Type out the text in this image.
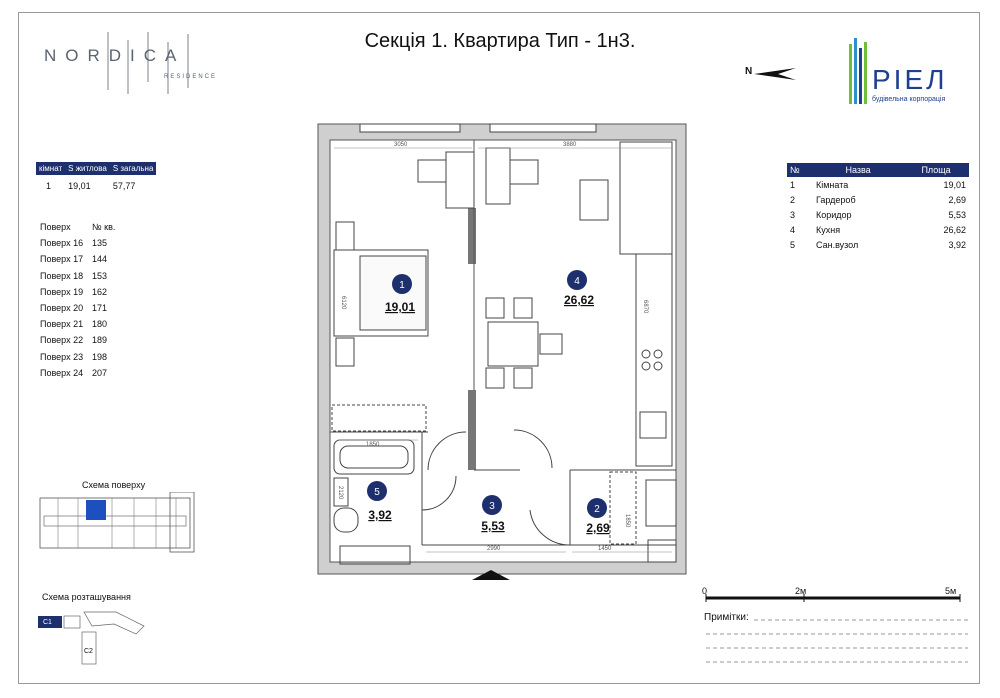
NORDICA
RESIDENCE
Секція 1. Квартира Тип - 1н3.
N	РІЕЛ
будівельна корпорація
кімнат	S житлова	S загальна
1	19,01	57,77
Поверх	№ кв.
Поверх 16 135
Поверх 17 144
Поверх 18 153
Поверх 19 162
Поверх 20 171
Поверх 21 180
Поверх 22 189
Поверх 23 198
Поверх 24 207
№	Назва	Площа
1	Кімната	19,01
2	Гардероб	2,69
3	Коридор	5,53
4	Кухня	26,62
5	Сан.вузол	3,92
1	4
5
3	2
19,01	26,62
3,92
5,53	2,69
3050	3880
6120	6870
1850
2120
2990	1450
1850
Схема поверху
Схема розташування
С1
С2
0	2м	5м
Примітки:
